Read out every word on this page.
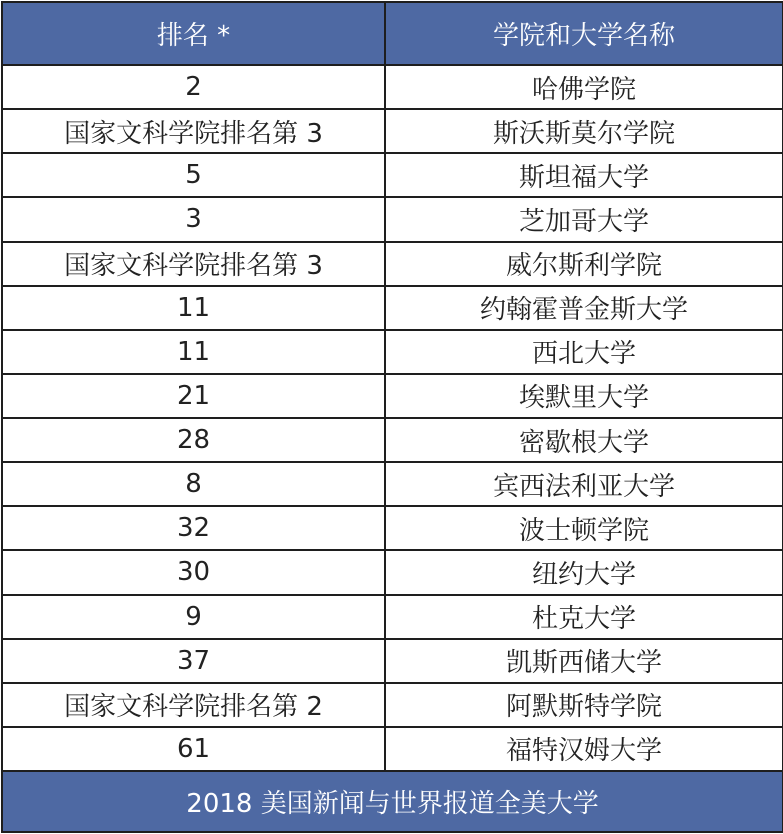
排名 *	学院和大学名称
2	哈佛学院
国家文科学院排名第 3	斯沃斯莫尔学院
5	斯坦福大学
3	芝加哥大学
国家文科学院排名第 3	威尔斯利学院
11	约翰霍普金斯大学
11	西北大学
21	埃默里大学
28	密歇根大学
8	宾西法利亚大学
32	波士顿学院
30	纽约大学
9	杜克大学
37	凯斯西储大学
国家文科学院排名第 2	阿默斯特学院
61	福特汉姆大学
2018 美国新闻与世界报道全美大学	
